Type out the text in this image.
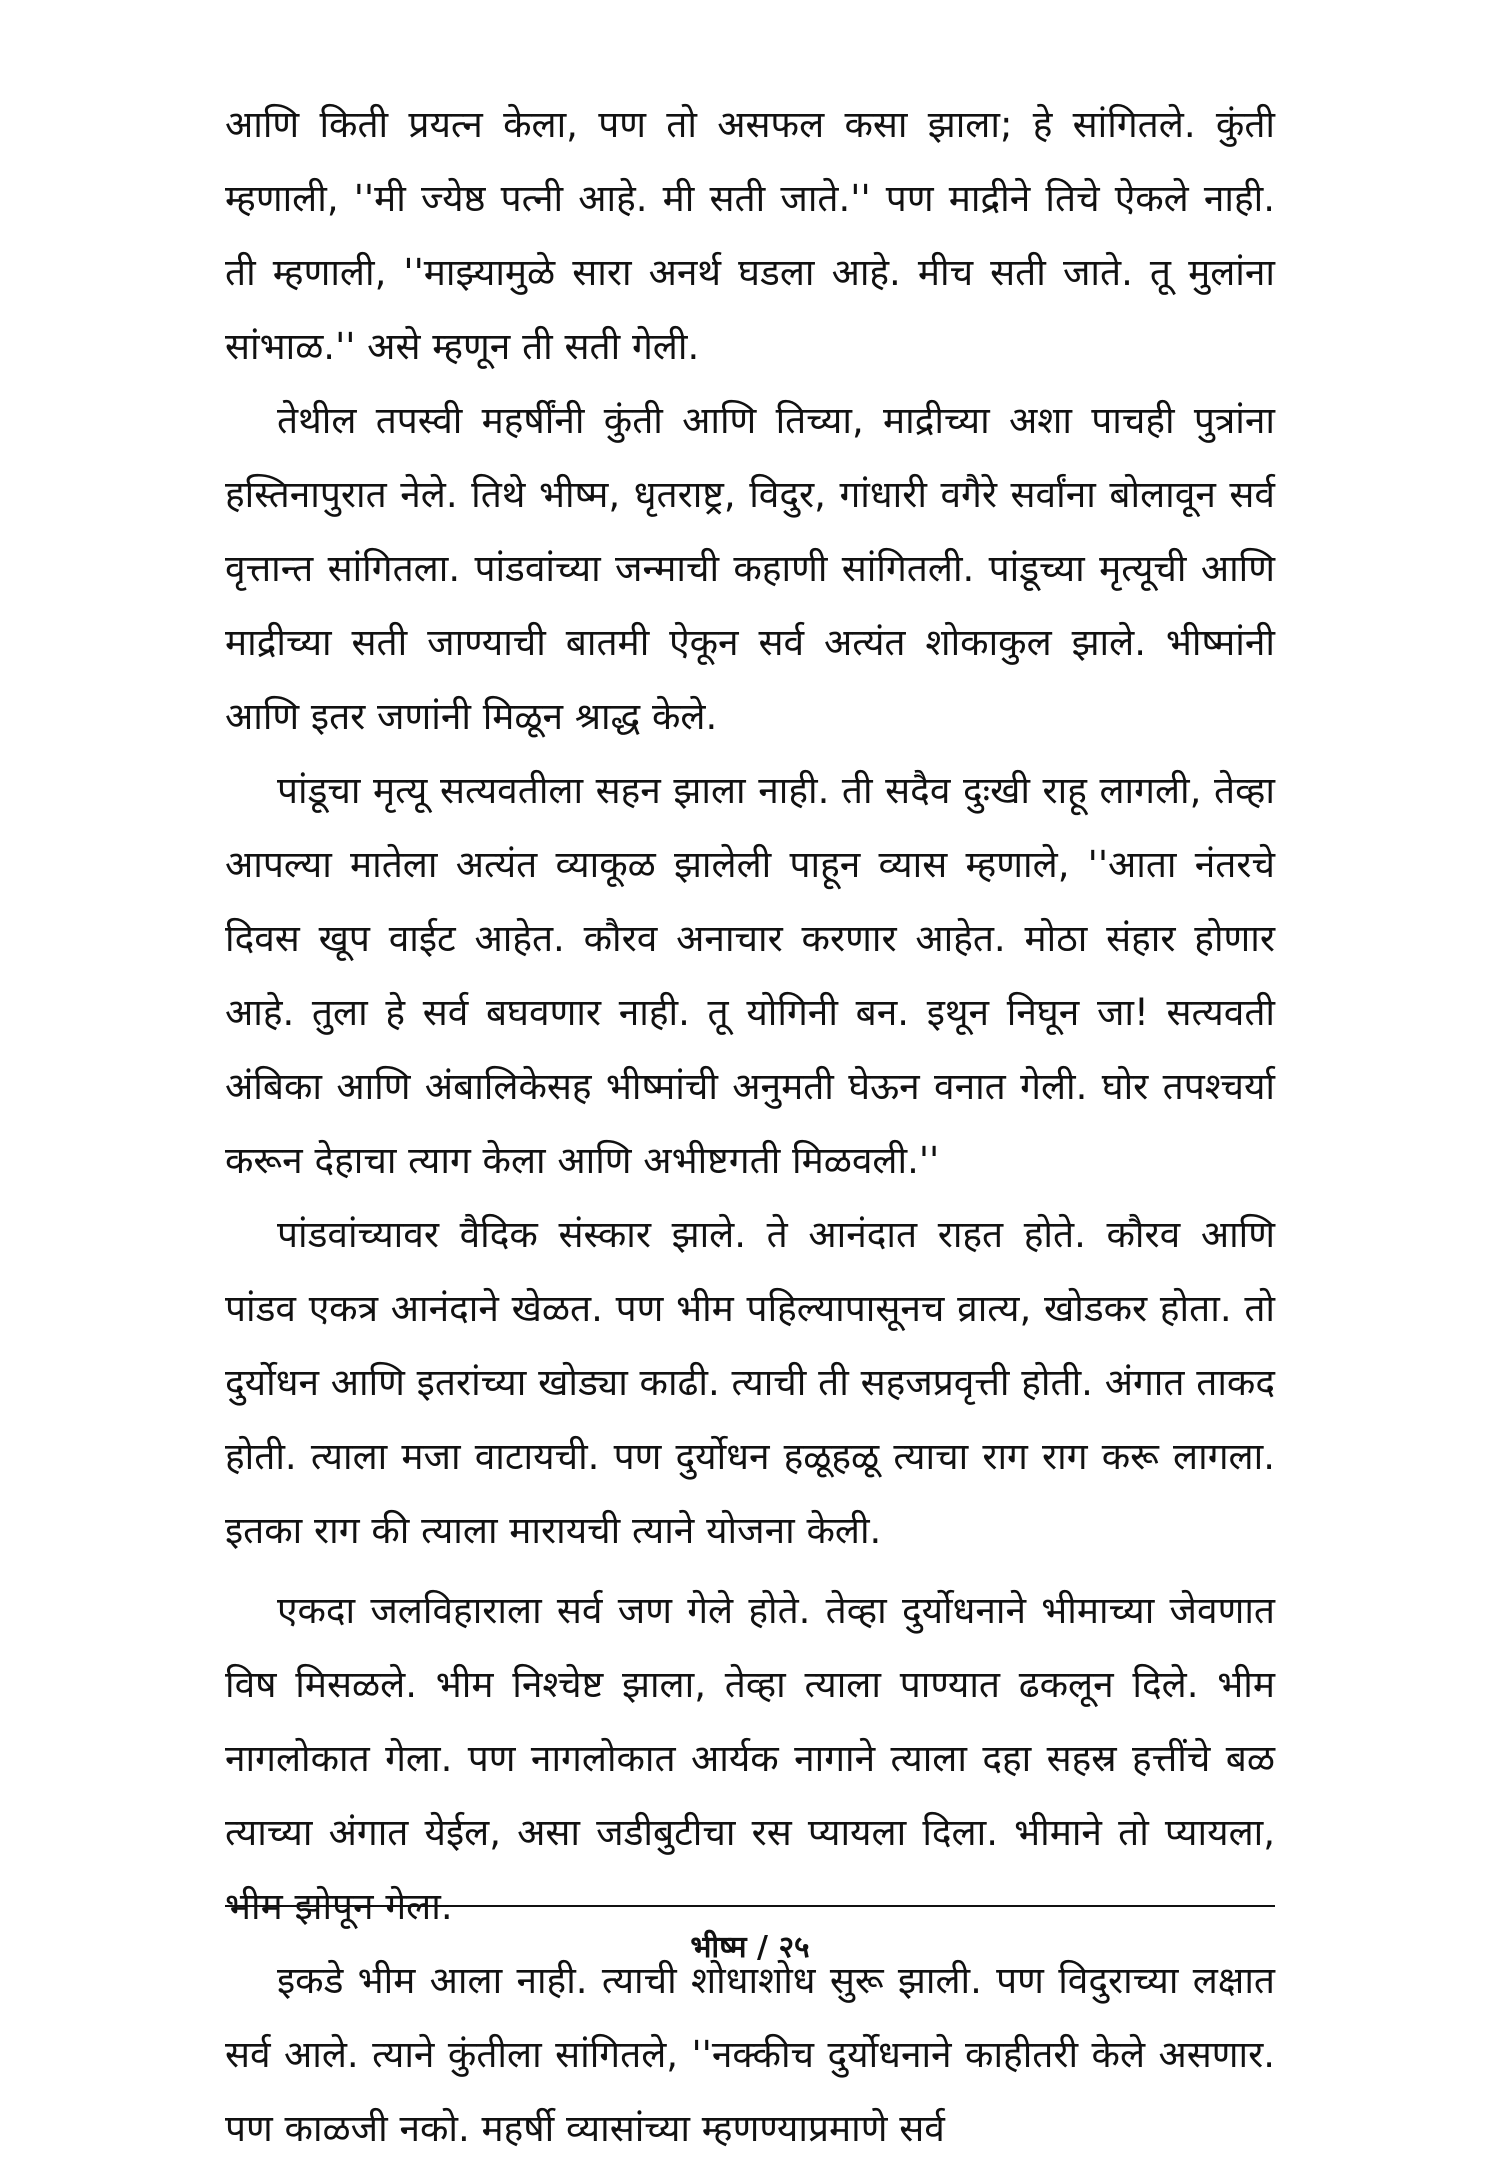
आणि किती प्रयत्न केला, पण तो असफल कसा झाला; हे सांगितले. कुंती म्हणाली, ''मी ज्येष्ठ पत्नी आहे. मी सती जाते.'' पण माद्रीने तिचे ऐकले नाही. ती म्हणाली, ''माझ्यामुळे सारा अनर्थ घडला आहे. मीच सती जाते. तू मुलांना सांभाळ.'' असे म्हणून ती सती गेली.

तेथील तपस्वी महर्षींनी कुंती आणि तिच्या, माद्रीच्या अशा पाचही पुत्रांना हस्तिनापुरात नेले. तिथे भीष्म, धृतराष्ट्र, विदुर, गांधारी वगैरे सर्वांना बोलावून सर्व वृत्तान्त सांगितला. पांडवांच्या जन्माची कहाणी सांगितली. पांडूच्या मृत्यूची आणि माद्रीच्या सती जाण्याची बातमी ऐकून सर्व अत्यंत शोकाकुल झाले. भीष्मांनी आणि इतर जणांनी मिळून श्राद्ध केले.

पांडूचा मृत्यू सत्यवतीला सहन झाला नाही. ती सदैव दुःखी राहू लागली, तेव्हा आपल्या मातेला अत्यंत व्याकूळ झालेली पाहून व्यास म्हणाले, ''आता नंतरचे दिवस खूप वाईट आहेत. कौरव अनाचार करणार आहेत. मोठा संहार होणार आहे. तुला हे सर्व बघवणार नाही. तू योगिनी बन. इथून निघून जा! सत्यवती अंबिका आणि अंबालिकेसह भीष्मांची अनुमती घेऊन वनात गेली. घोर तपश्चर्या करून देहाचा त्याग केला आणि अभीष्टगती मिळवली.''

पांडवांच्यावर वैदिक संस्कार झाले. ते आनंदात राहत होते. कौरव आणि पांडव एकत्र आनंदाने खेळत. पण भीम पहिल्यापासूनच व्रात्य, खोडकर होता. तो दुर्योधन आणि इतरांच्या खोड्या काढी. त्याची ती सहजप्रवृत्ती होती. अंगात ताकद होती. त्याला मजा वाटायची. पण दुर्योधन हळूहळू त्याचा राग राग करू लागला. इतका राग की त्याला मारायची त्याने योजना केली.

एकदा जलविहाराला सर्व जण गेले होते. तेव्हा दुर्योधनाने भीमाच्या जेवणात विष मिसळले. भीम निश्चेष्ट झाला, तेव्हा त्याला पाण्यात ढकलून दिले. भीम नागलोकात गेला. पण नागलोकात आर्यक नागाने त्याला दहा सहस्र हत्तींचे बळ त्याच्या अंगात येईल, असा जडीबुटीचा रस प्यायला दिला. भीमाने तो प्यायला, भीम झोपून गेला.

इकडे भीम आला नाही. त्याची शोधाशोध सुरू झाली. पण विदुराच्या लक्षात सर्व आले. त्याने कुंतीला सांगितले, ''नक्कीच दुर्योधनाने काहीतरी केले असणार. पण काळजी नको. महर्षी व्यासांच्या म्हणण्याप्रमाणे सर्व

भीष्म / २५
